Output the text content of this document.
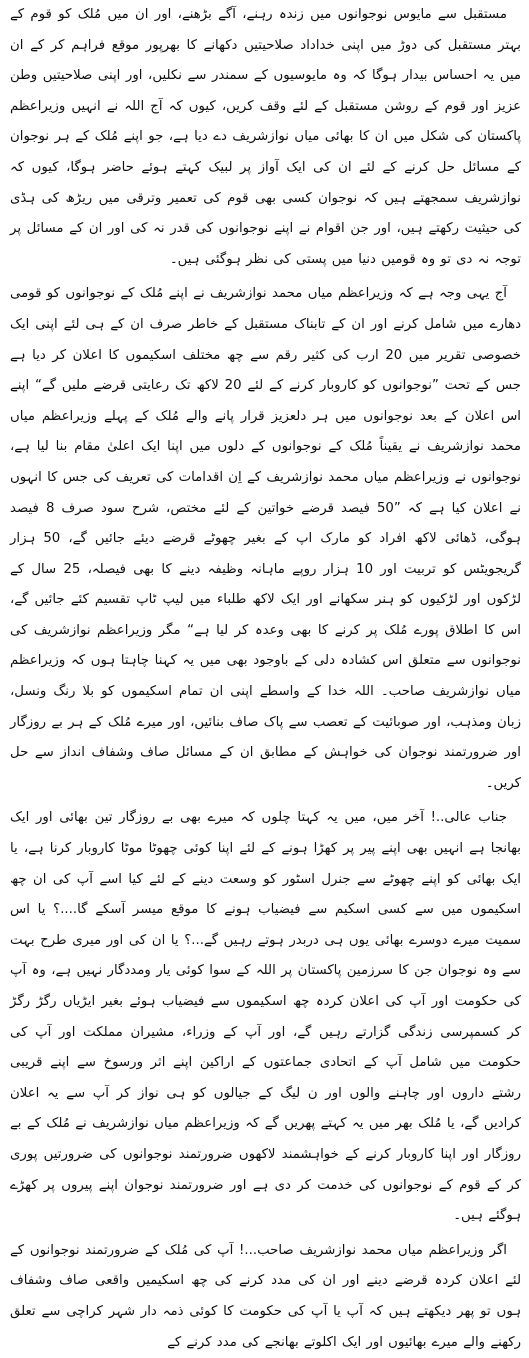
مستقبل سے مایوس نوجوانوں میں زندہ رہنے، آگے بڑھنے، اور ان میں مُلک کو قوم کے بہتر مستقبل کی دوڑ میں اپنی خداداد صلاحیتیں دکھانے کا بھرپور موقع فراہم کر کے ان میں یہ احساس بیدار ہوگا کہ وہ مایوسیوں کے سمندر سے نکلیں، اور اپنی صلاحیتیں وطن عزیز اور قوم کے روشن مستقبل کے لئے وقف کریں، کیوں کہ آج اللہ نے انہیں وزیراعظم پاکستان کی شکل میں ان کا بھائی میاں نوازشریف دے دیا ہے، جو اپنے مُلک کے ہر نوجوان کے مسائل حل کرنے کے لئے ان کی ایک آواز پر لبیک کہتے ہوئے حاضر ہوگا، کیوں کہ نوازشریف سمجھتے ہیں کہ نوجوان کسی بھی قوم کی تعمیر وترقی میں ریڑھ کی ہڈی کی حیثیت رکھتے ہیں، اور جن اقوام نے اپنے نوجوانوں کی قدر نہ کی اور ان کے مسائل پر توجہ نہ دی تو وہ قومیں دنیا میں پستی کی نظر ہوگئی ہیں۔

آج یہی وجہ ہے کہ وزیراعظم میاں محمد نوازشریف نے اپنے مُلک کے نوجوانوں کو قومی دھارے میں شامل کرنے اور ان کے تابناک مستقبل کے خاطر صرف ان کے ہی لئے اپنی ایک خصوصی تقریر میں 20 ارب کی کثیر رقم سے چھ مختلف اسکیموں کا اعلان کر دیا ہے جس کے تحت ”نوجوانوں کو کاروبار کرنے کے لئے 20 لاکھ تک رعایتی قرضے ملیں گے“ اپنے اس اعلان کے بعد نوجوانوں میں ہر دلعزیز قرار پانے والے مُلک کے پہلے وزیراعظم میاں محمد نوازشریف نے یقیناً مُلک کے نوجوانوں کے دلوں میں اپنا ایک اعلیٰ مقام بنا لیا ہے، نوجوانوں نے وزیراعظم میاں محمد نوازشریف کے اِن اقدامات کی تعریف کی جس کا انہوں نے اعلان کیا ہے کہ ”50 فیصد قرضے خواتین کے لئے مختص، شرح سود صرف 8 فیصد ہوگی، ڈھائی لاکھ افراد کو مارک اپ کے بغیر چھوٹے قرضے دیئے جائیں گے، 50 ہزار گریجویٹس کو تربیت اور 10 ہزار روپے ماہانہ وظیفہ دینے کا بھی فیصلہ، 25 سال کے لڑکوں اور لڑکیوں کو ہنر سکھانے اور ایک لاکھ طلباء میں لیپ ٹاپ تقسیم کئے جائیں گے، اس کا اطلاق پورے مُلک پر کرنے کا بھی وعدہ کر لیا ہے“ مگر وزیراعظم نوازشریف کی نوجوانوں سے متعلق اس کشادہ دلی کے باوجود بھی میں یہ کہنا چاہتا ہوں کہ وزیراعظم میاں نوازشریف صاحب۔ اللہ خدا کے واسطے اپنی ان تمام اسکیموں کو بلا رنگ ونسل، زبان ومذہب، اور صوبائیت کے تعصب سے پاک صاف بنائیں، اور میرے مُلک کے ہر بے روزگار اور ضرورتمند نوجوان کی خواہش کے مطابق ان کے مسائل صاف وشفاف انداز سے حل کریں۔

جناب عالی..! آخر میں، میں یہ کہتا چلوں کہ میرے بھی بے روزگار تین بھائی اور ایک بھانجا ہے انہیں بھی اپنے پیر پر کھڑا ہونے کے لئے اپنا کوئی چھوٹا موٹا کاروبار کرنا ہے، یا ایک بھائی کو اپنے چھوٹے سے جنرل اسٹور کو وسعت دینے کے لئے کیا اسے آپ کی ان چھ اسکیموں میں سے کسی اسکیم سے فیضیاب ہونے کا موقع میسر آسکے گا....؟ یا اس سمیت میرے دوسرے بھائی یوں ہی دربدر ہوتے رہیں گے...؟ یا ان کی اور میری طرح بہت سے وہ نوجوان جن کا سرزمین پاکستان پر اللہ کے سوا کوئی یار ومددگار نہیں ہے، وہ آپ کی حکومت اور آپ کی اعلان کردہ چھ اسکیموں سے فیضیاب ہوئے بغیر ایڑیاں رگڑ رگڑ کر کسمپرسی زندگی گزارتے رہیں گے، اور آپ کے وزراء، مشیران مملکت اور آپ کی حکومت میں شامل آپ کے اتحادی جماعتوں کے اراکین اپنے اثر ورسوخ سے اپنے قریبی رشتے داروں اور چاہنے والوں اور ن لیگ کے جیالوں کو ہی نواز کر آپ سے یہ اعلان کرادیں گے، یا مُلک بھر میں یہ کہتے پھریں گے کہ وزیراعظم میاں نوازشریف نے مُلک کے بے روزگار اور اپنا کاروبار کرنے کے خواہشمند لاکھوں ضرورتمند نوجوانوں کی ضرورتیں پوری کر کے قوم کے نوجوانوں کی خدمت کر دی ہے اور ضرورتمند نوجوان اپنے پیروں پر کھڑے ہوگئے ہیں۔

اگر وزیراعظم میاں محمد نوازشریف صاحب...! آپ کی مُلک کے ضرورتمند نوجوانوں کے لئے اعلان کردہ قرضے دینے اور ان کی مدد کرنے کی چھ اسکیمیں واقعی صاف وشفاف ہوں تو پھر دیکھتے ہیں کہ آپ یا آپ کی حکومت کا کوئی ذمہ دار شہر کراچی سے تعلق رکھنے والے میرے بھائیوں اور ایک اکلوتے بھانجے کی مدد کرنے کے
